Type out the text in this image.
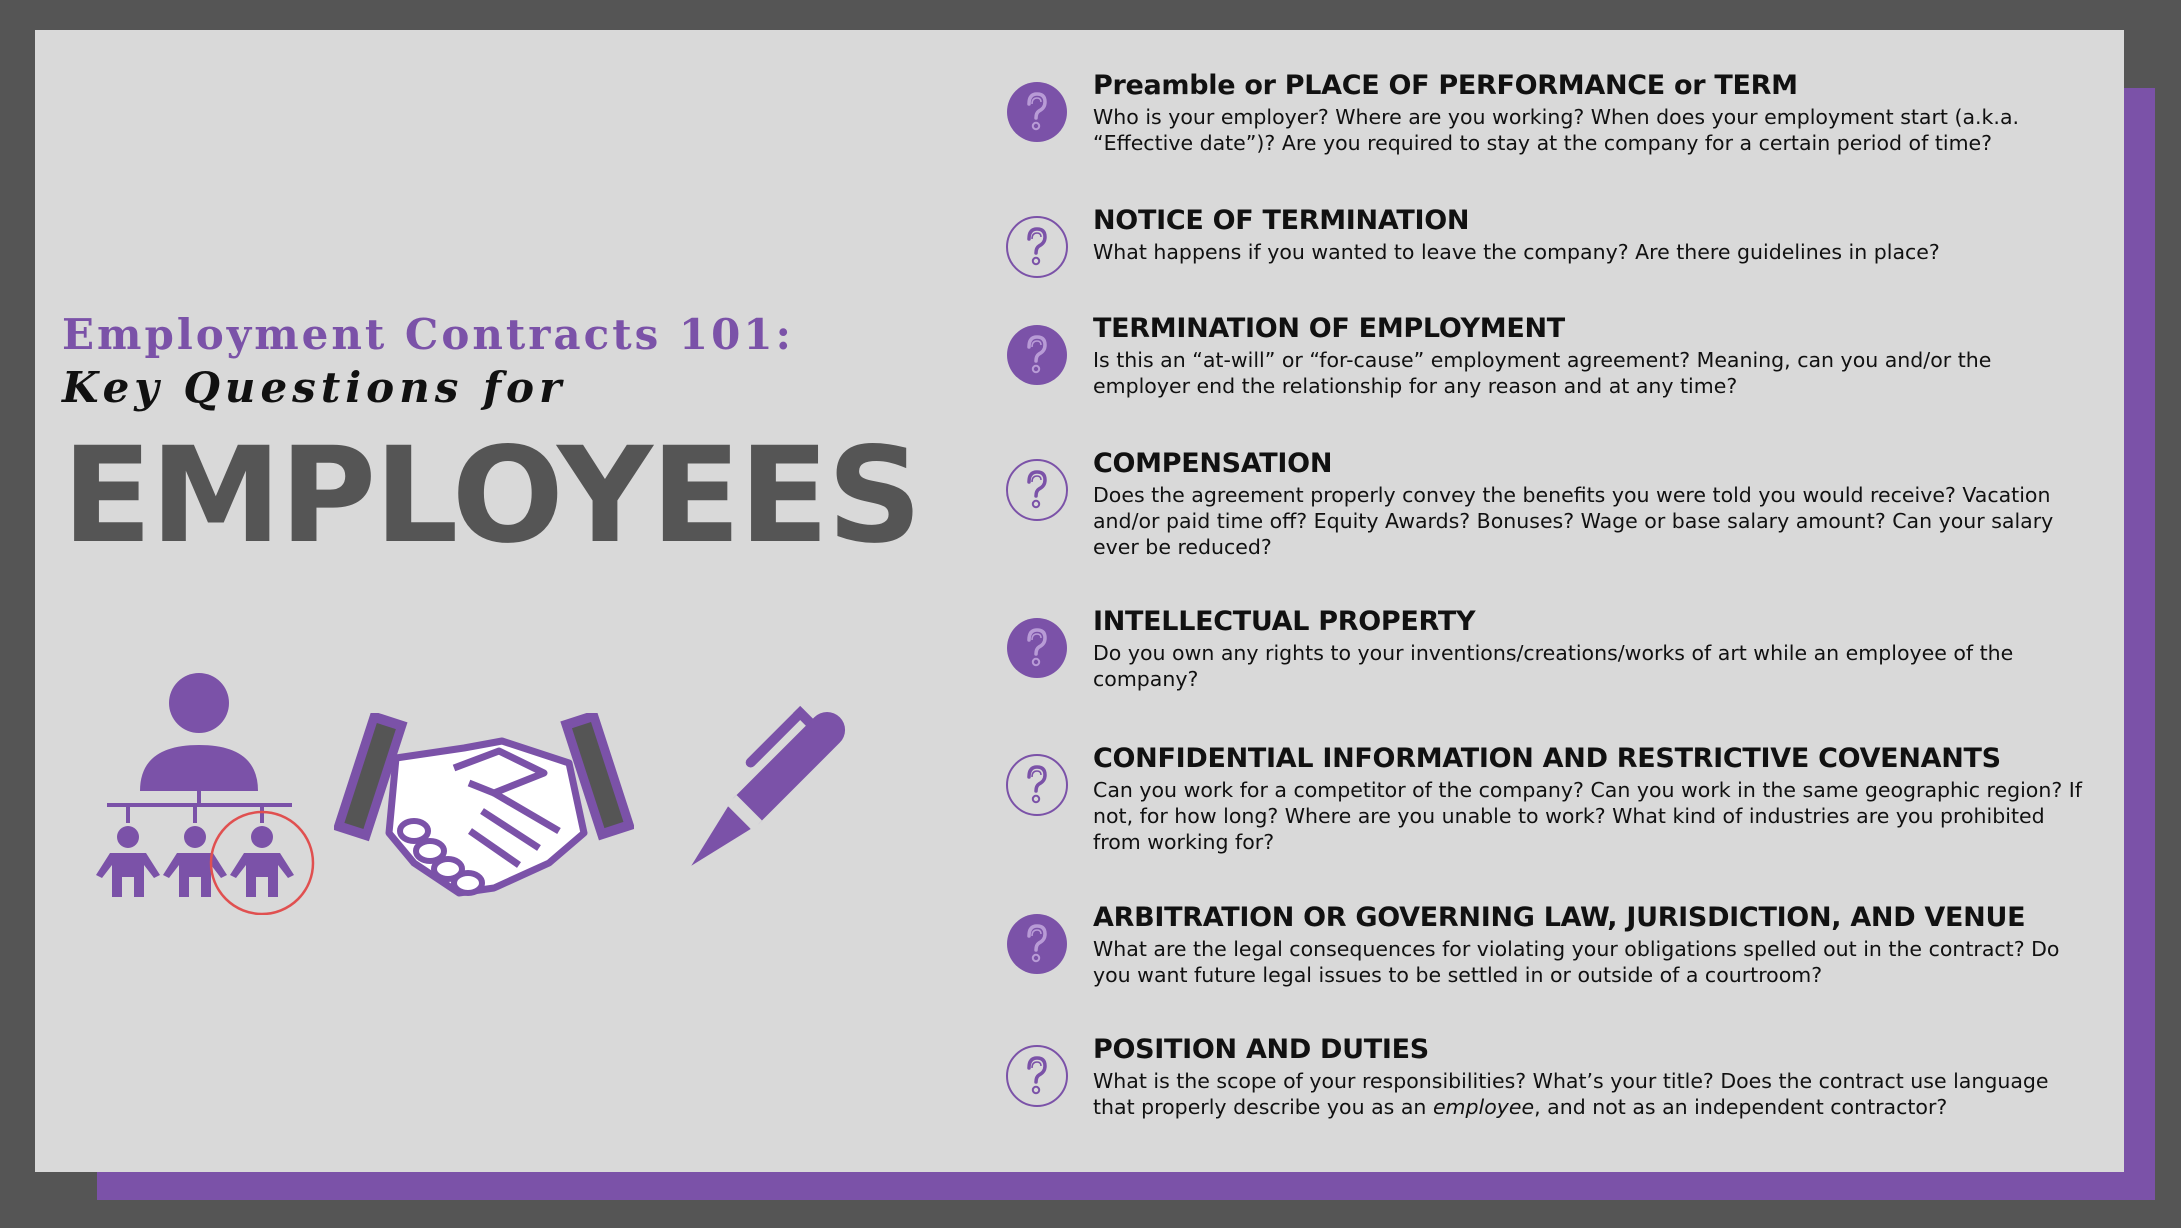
Employment Contracts 101:
Key Questions for
EMPLOYEES
Preamble or PLACE OF PERFORMANCE or TERM
Who is your employer? Where are you working? When does your employment start (a.k.a. “Effective date”)? Are you required to stay at the company for a certain period of time?
NOTICE OF TERMINATION
What happens if you wanted to leave the company? Are there guidelines in place?
TERMINATION OF EMPLOYMENT
Is this an “at-will” or “for-cause” employment agreement? Meaning, can you and/or the employer end the relationship for any reason and at any time?
COMPENSATION
Does the agreement properly convey the benefits you were told you would receive? Vacation and/or paid time off? Equity Awards? Bonuses? Wage or base salary amount? Can your salary ever be reduced?
INTELLECTUAL PROPERTY
Do you own any rights to your inventions/creations/works of art while an employee of the company?
CONFIDENTIAL INFORMATION AND RESTRICTIVE COVENANTS
Can you work for a competitor of the company? Can you work in the same geographic region? If not, for how long? Where are you unable to work? What kind of industries are you prohibited from working for?
ARBITRATION OR GOVERNING LAW, JURISDICTION, AND VENUE
What are the legal consequences for violating your obligations spelled out in the contract? Do you want future legal issues to be settled in or outside of a courtroom?
POSITION AND DUTIES
What is the scope of your responsibilities? What’s your title? Does the contract use language that properly describe you as an employee, and not as an independent contractor?
